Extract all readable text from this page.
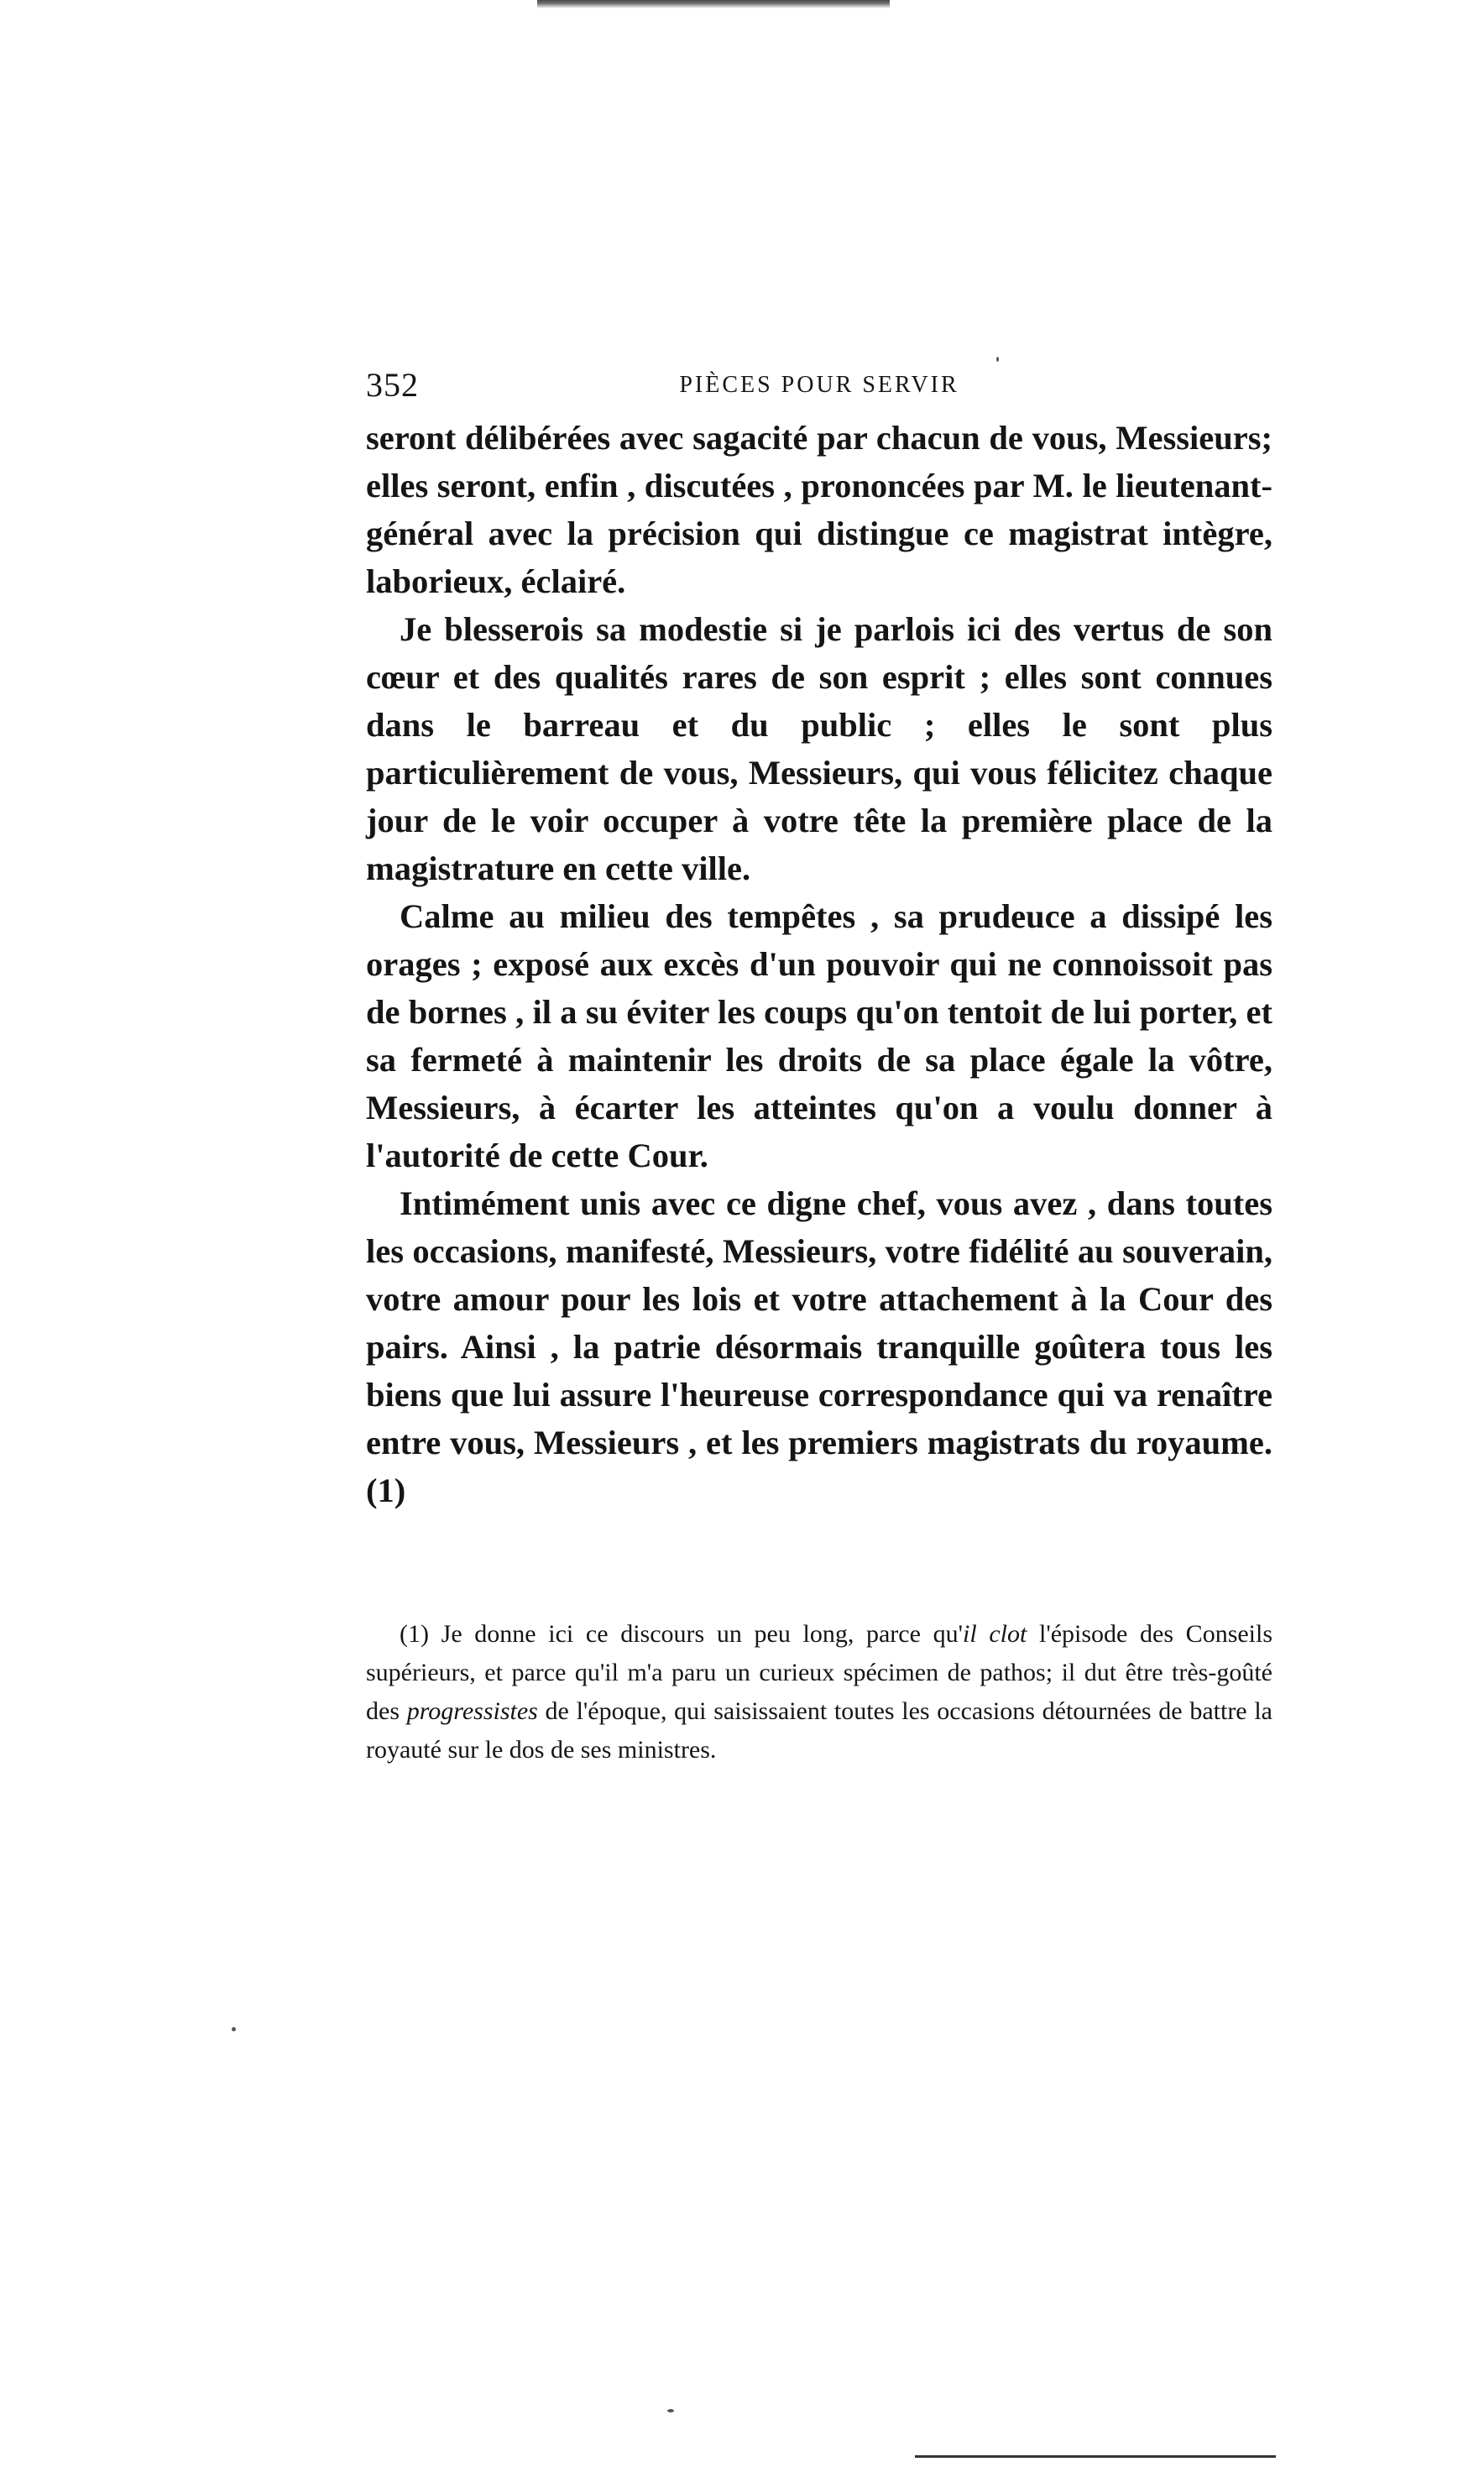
352	PIÈCES POUR SERVIR

seront délibérées avec sagacité par chacun de vous, Messieurs; elles seront, enfin , discutées , prononcées par M. le lieutenant-général avec la précision qui distingue ce magistrat intègre, laborieux, éclairé.

Je blesserois sa modestie si je parlois ici des vertus de son cœur et des qualités rares de son esprit ; elles sont connues dans le barreau et du public ; elles le sont plus particulièrement de vous, Messieurs, qui vous félicitez chaque jour de le voir occuper à votre tête la première place de la magistrature en cette ville.

Calme au milieu des tempêtes , sa prudeuce a dissipé les orages ; exposé aux excès d'un pouvoir qui ne connoissoit pas de bornes , il a su éviter les coups qu'on tentoit de lui porter, et sa fermeté à maintenir les droits de sa place égale la vôtre, Messieurs, à écarter les atteintes qu'on a voulu donner à l'autorité de cette Cour.

Intimément unis avec ce digne chef, vous avez , dans toutes les occasions, manifesté, Messieurs, votre fidélité au souverain, votre amour pour les lois et votre attachement à la Cour des pairs. Ainsi , la patrie désormais tranquille goûtera tous les biens que lui assure l'heureuse correspondance qui va renaître entre vous, Messieurs , et les premiers magistrats du royaume.(1)

(1) Je donne ici ce discours un peu long, parce qu'il clot l'épisode des Conseils supérieurs, et parce qu'il m'a paru un curieux spécimen de pathos; il dut être très-goûté des progressistes de l'époque, qui saisissaient toutes les occasions détournées de battre la royauté sur le dos de ses ministres.
